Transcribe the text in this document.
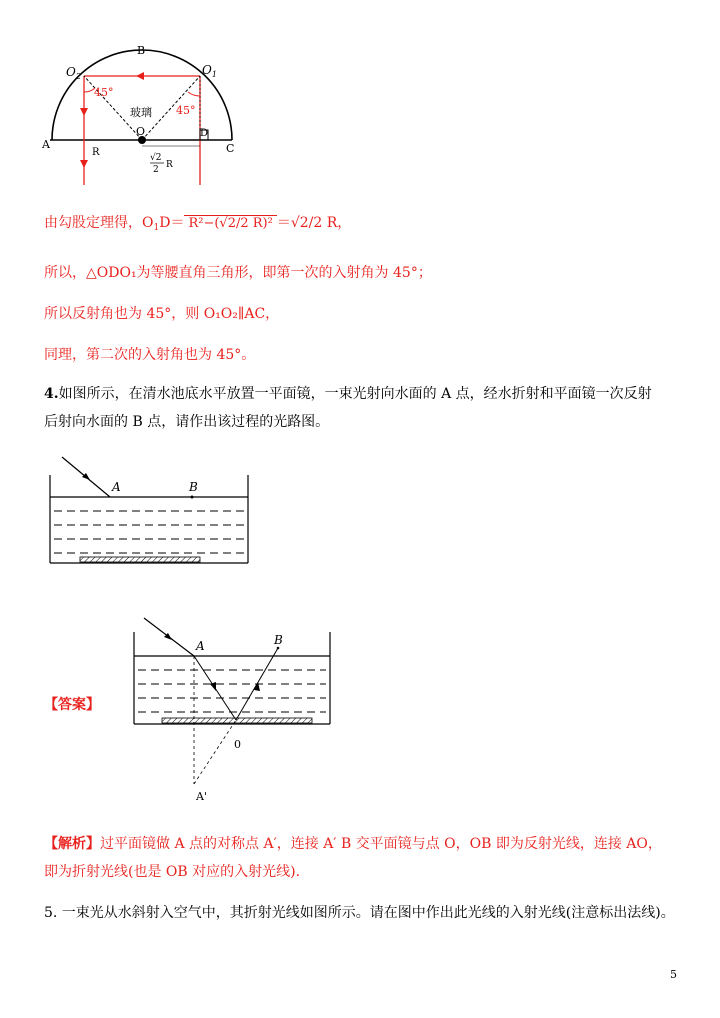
B
$O_2$	$O_1$
A	C
D
O
R
玻璃
45°
45°
√2
2 R
由勾股定理得，$O_1D= R^2-(√2/2$ R)² ＝√2/2 R，
所以，△ODO₁为等腰直角三角形，即第一次的入射角为 45°；
所以反射角也为 45°，则 O₁O₂∥AC，
同理，第二次的入射角也为 45°。
4.如图所示，在清水池底水平放置一平面镜，一束光射向水面的 A 点，经水折射和平面镜一次反射
后射向水面的 B 点，请作出该过程的光路图。
A	B
【答案】
A	B
0
A'
【解析】过平面镜做 A 点的对称点 A′，连接 A′ B 交平面镜与点 O，OB 即为反射光线，连接 AO，
即为折射光线(也是 OB 对应的入射光线).
5. 一束光从水斜射入空气中，其折射光线如图所示。请在图中作出此光线的入射光线(注意标出法线)。
5
